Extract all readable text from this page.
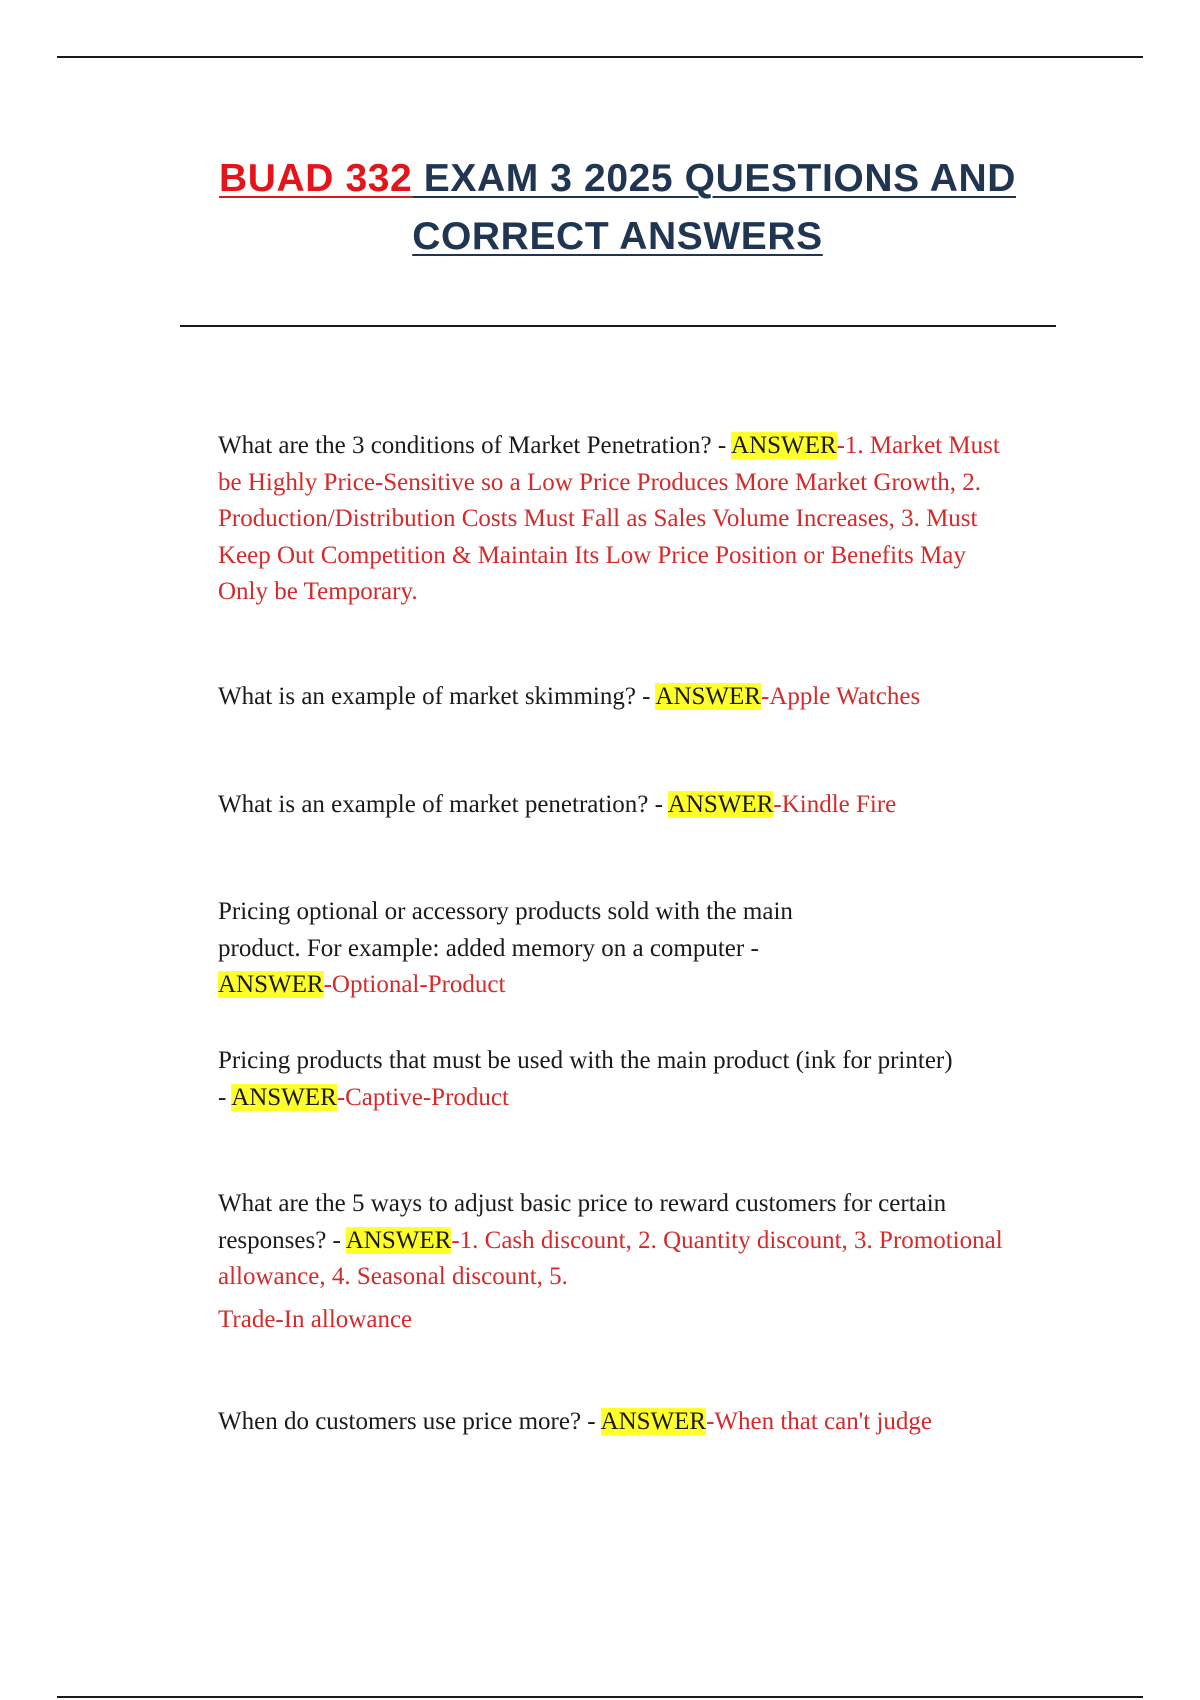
BUAD 332 EXAM 3 2025 QUESTIONS AND CORRECT ANSWERS

What are the 3 conditions of Market Penetration? - ANSWER-1. Market Must be Highly Price-Sensitive so a Low Price Produces More Market Growth, 2. Production/Distribution Costs Must Fall as Sales Volume Increases, 3. Must Keep Out Competition & Maintain Its Low Price Position or Benefits May Only be Temporary.

What is an example of market skimming? - ANSWER-Apple Watches

What is an example of market penetration? - ANSWER-Kindle Fire

Pricing optional or accessory products sold with the main product. For example: added memory on a computer - ANSWER-Optional-Product

Pricing products that must be used with the main product (ink for printer) - ANSWER-Captive-Product

What are the 5 ways to adjust basic price to reward customers for certain responses? - ANSWER-1. Cash discount, 2. Quantity discount, 3. Promotional allowance, 4. Seasonal discount, 5.

Trade-In allowance

When do customers use price more? - ANSWER-When that can't judge
